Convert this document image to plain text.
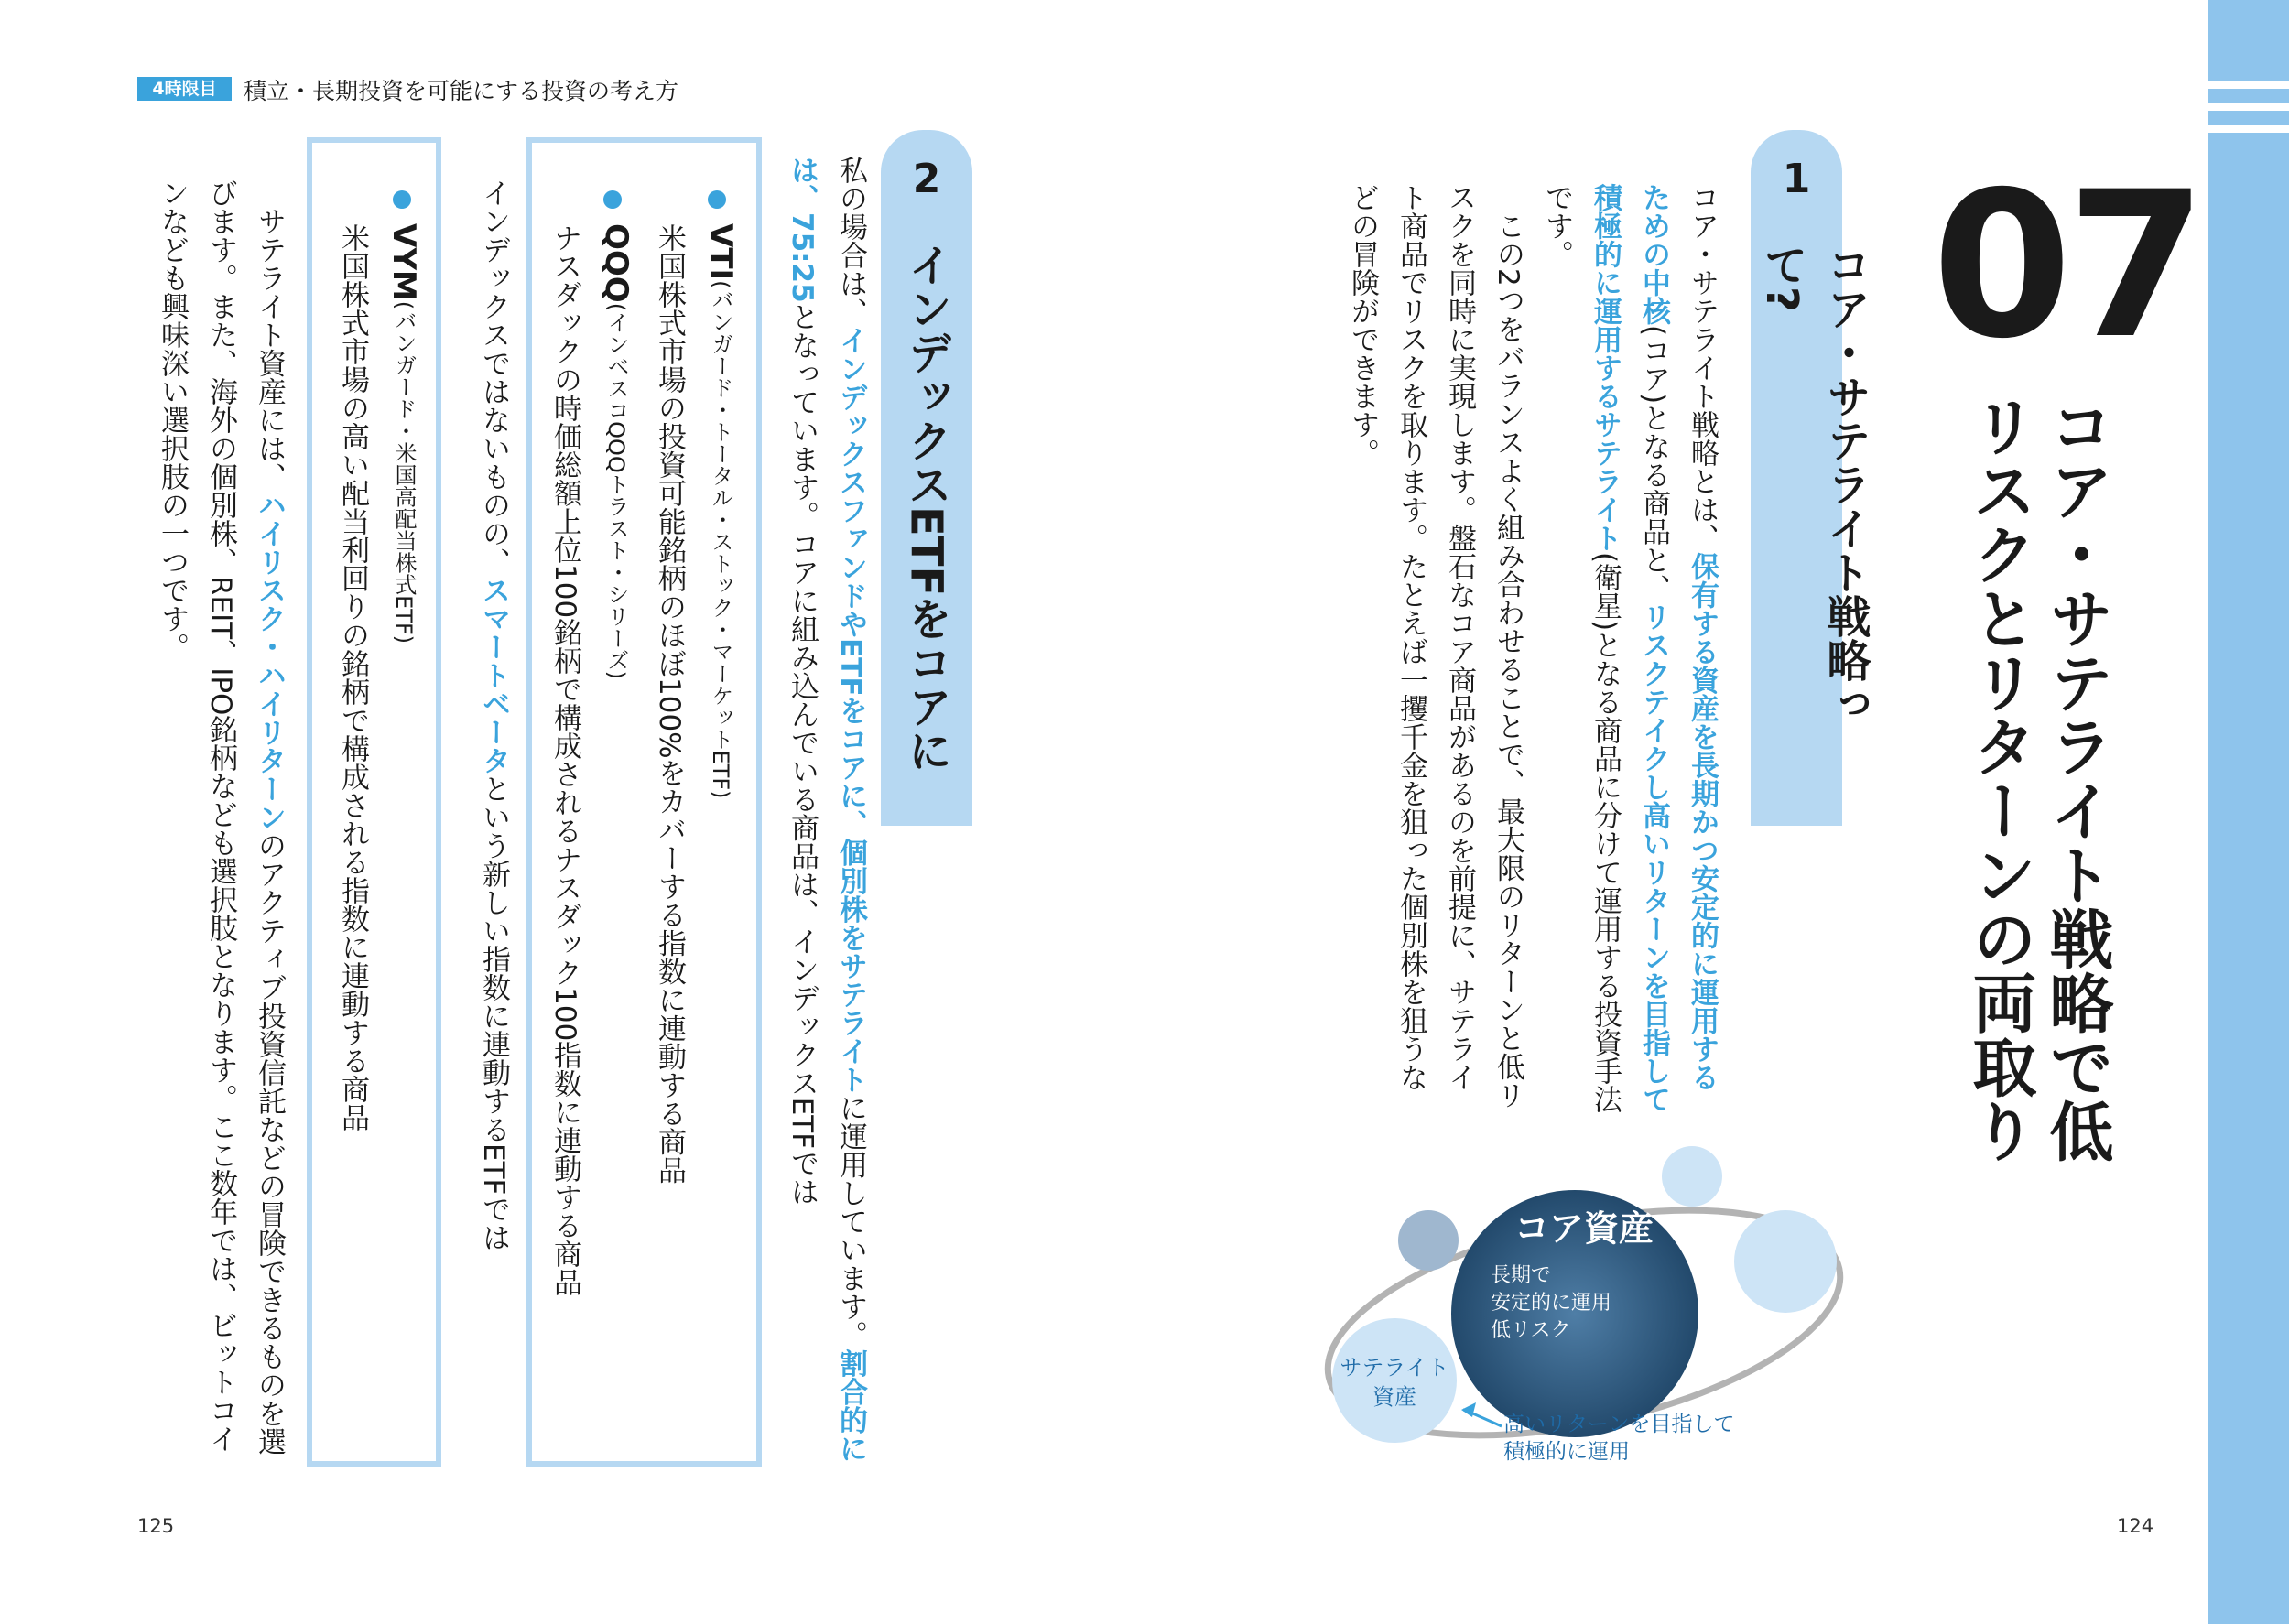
4時限目	積立・長期投資を可能にする投資の考え方
125	124
07
コア・サテライト戦略で低リスクとリターンの両取り
1
コア・サテライト戦略って?
コア・サテライト戦略とは、保有する資産を長期かつ安定的に運用するための中核(コア)となる商品と、リスクテイクし高いリターンを目指して積極的に運用するサテライト(衛星)となる商品に分けて運用する投資手法です。
この2つをバランスよく組み合わせることで、最大限のリターンと低リスクを同時に実現します。盤石なコア商品があるのを前提に、サテライト商品でリスクを取ります。たとえば一攫千金を狙った個別株を狙うなどの冒険ができます。
コア資産
長期で
安定的に運用
低リスク
サテライト
資産
高いリターンを目指して
積極的に運用
2
インデックスETFをコアに
私の場合は、インデックスファンドやETFをコアに、個別株をサテライトに運用しています。割合的には、75:25となっています。コアに組み込んでいる商品は、インデックスETFでは
VTI(バンガード・トータル・ストック・マーケットETF)
米国株式市場の投資可能銘柄のほぼ100%をカバーする指数に連動する商品
QQQ(インベスコQQQトラスト・シリーズ)
ナスダックの時価総額上位100銘柄で構成されるナスダック100指数に連動する商品
インデックスではないものの、スマートベータという新しい指数に連動するETFでは
VYM(バンガード・米国高配当株式ETF)
米国株式市場の高い配当利回りの銘柄で構成される指数に連動する商品
サテライト資産には、ハイリスク・ハイリターンのアクティブ投資信託などの冒険できるものを選びます。また、海外の個別株、REIT、IPO銘柄なども選択肢となります。ここ数年では、ビットコインなども興味深い選択肢の一つです。
